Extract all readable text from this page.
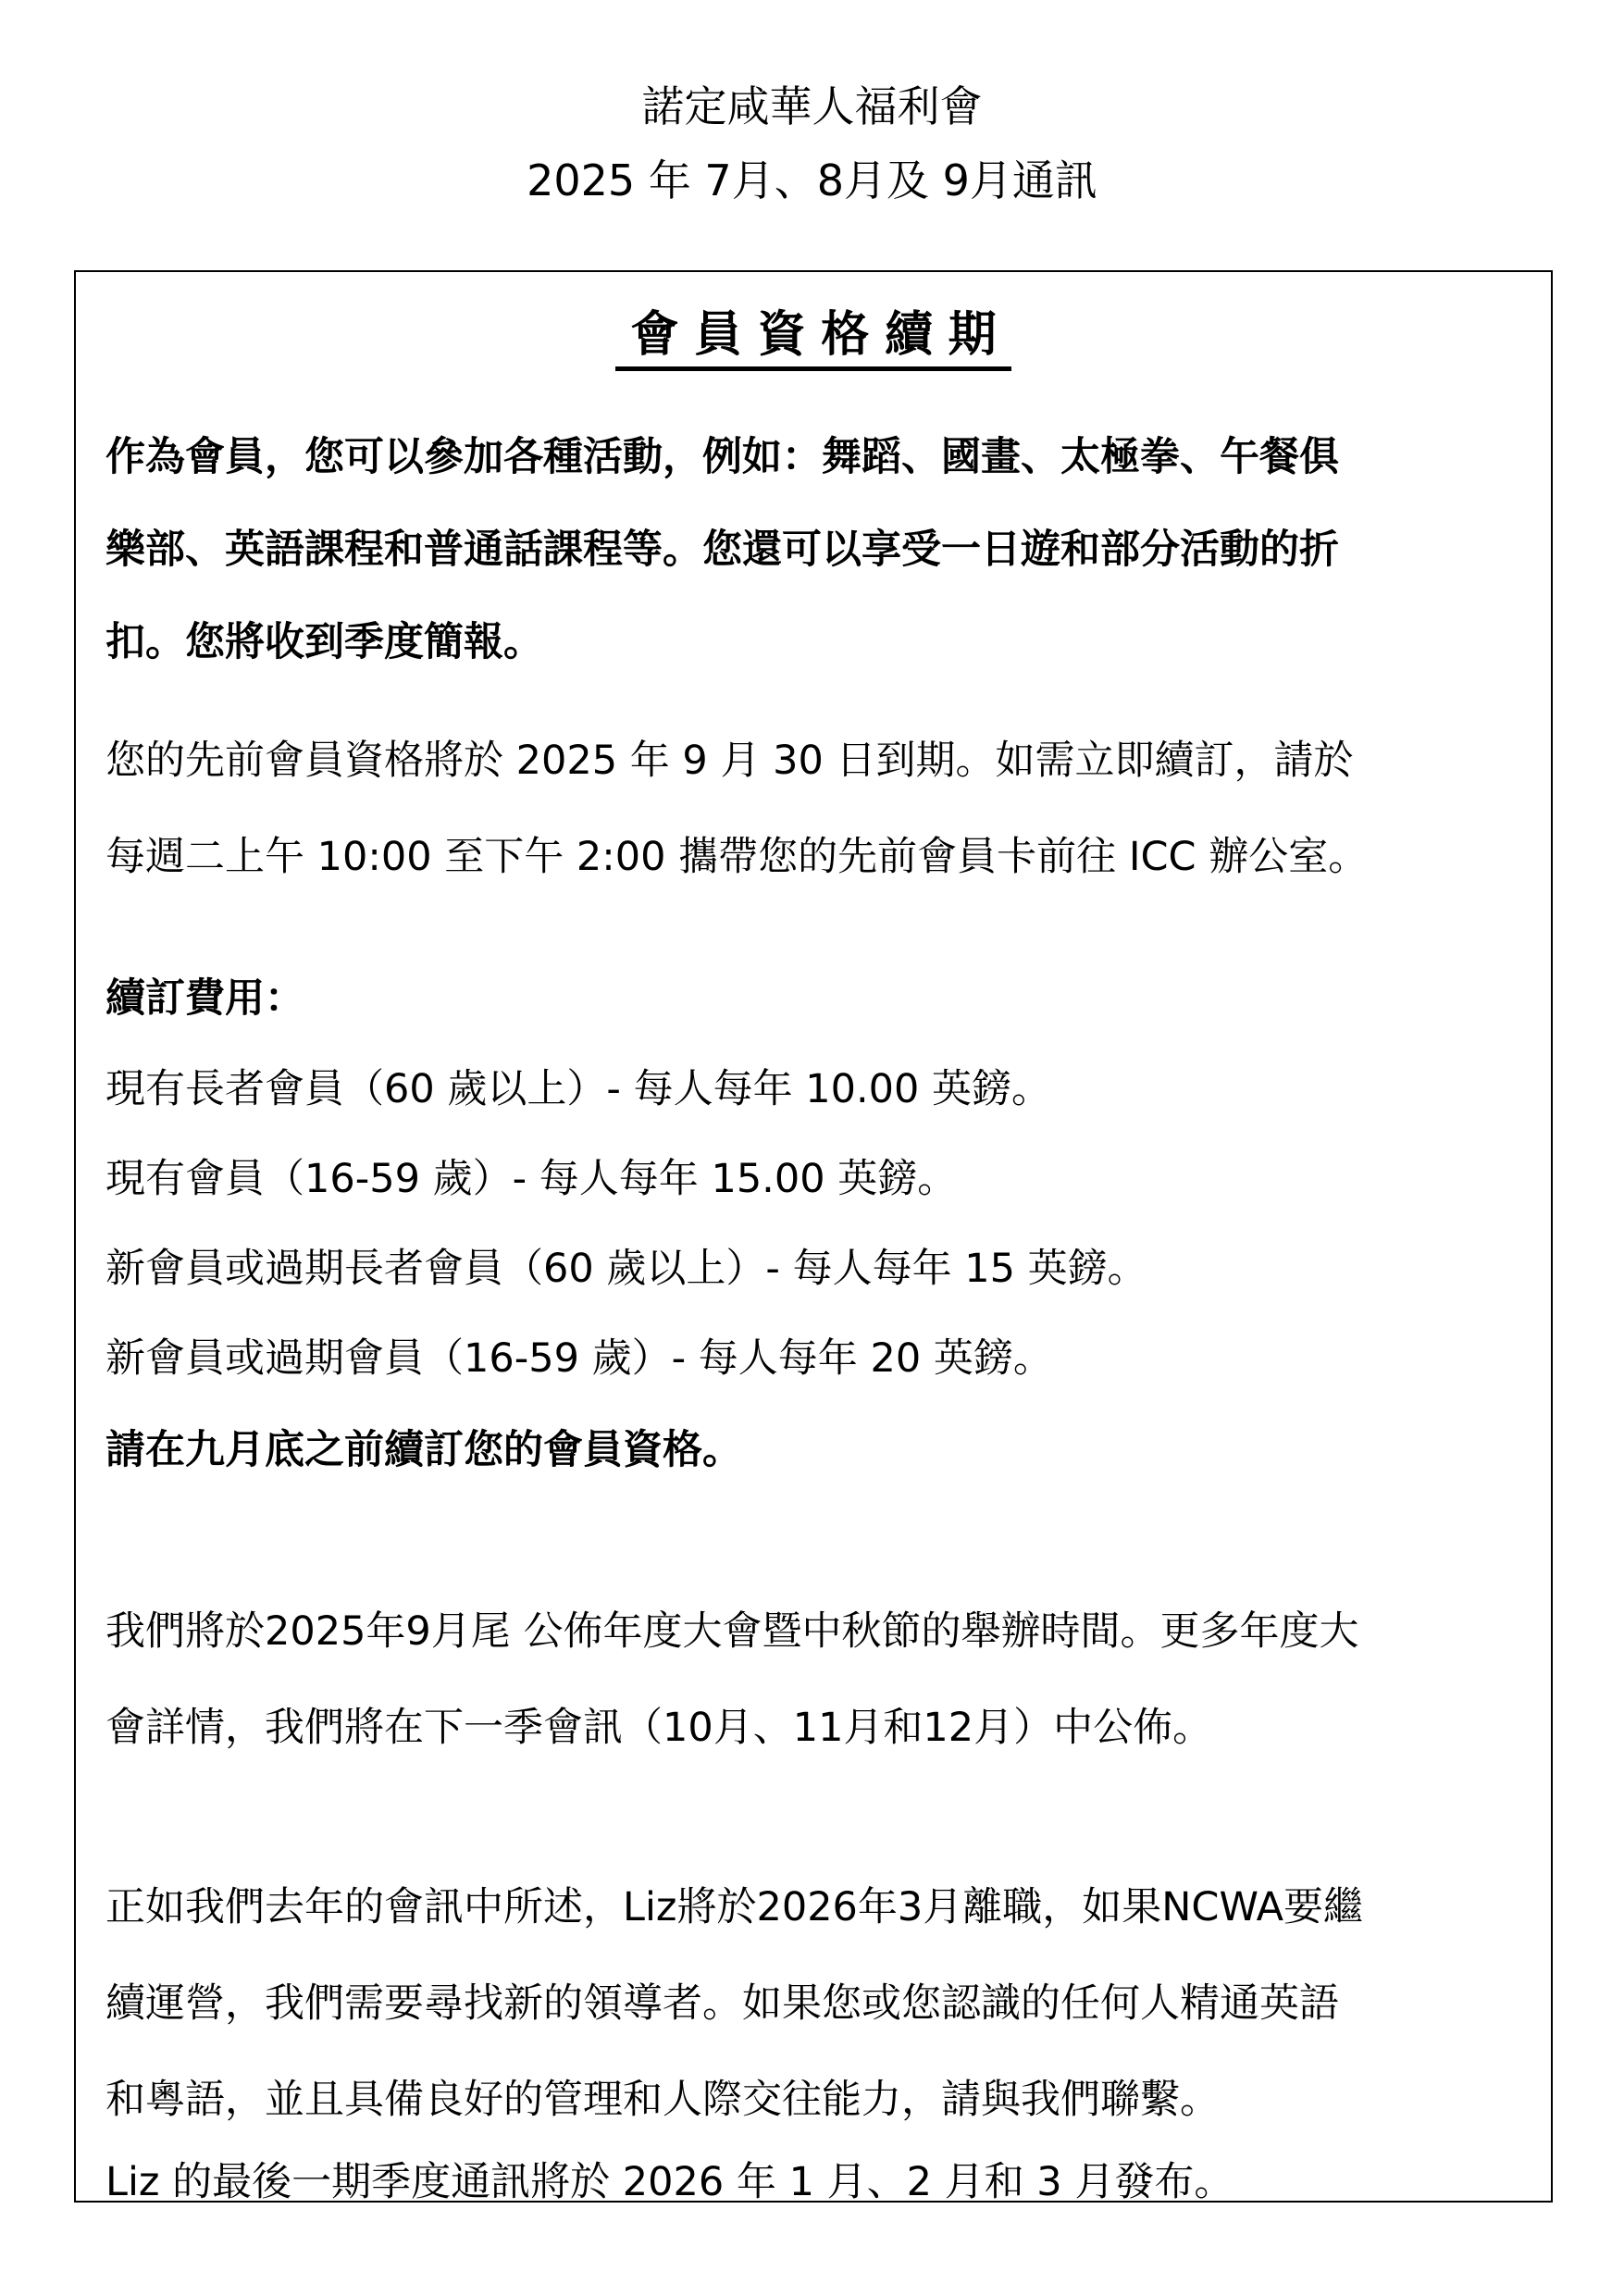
諾定咸華人福利會
2025 年 7月、8月及 9月通訊
會員資格續期
作為會員，您可以參加各種活動，例如：舞蹈、國畫、太極拳、午餐俱
樂部、英語課程和普通話課程等。您還可以享受一日遊和部分活動的折
扣。您將收到季度簡報。
您的先前會員資格將於 2025 年 9 月 30 日到期。如需立即續訂，請於
每週二上午 10:00 至下午 2:00 攜帶您的先前會員卡前往 ICC 辦公室。
續訂費用：
現有長者會員（60 歲以上）- 每人每年 10.00 英鎊。
現有會員（16-59 歲）- 每人每年 15.00 英鎊。
新會員或過期長者會員（60 歲以上）- 每人每年 15 英鎊。
新會員或過期會員（16-59 歲）- 每人每年 20 英鎊。
請在九月底之前續訂您的會員資格。
我們將於2025年9月尾 公佈年度大會暨中秋節的舉辦時間。更多年度大
會詳情，我們將在下一季會訊（10月、11月和12月）中公佈。
正如我們去年的會訊中所述，Liz將於2026年3月離職，如果NCWA要繼
續運營，我們需要尋找新的領導者。如果您或您認識的任何人精通英語
和粵語，並且具備良好的管理和人際交往能力，請與我們聯繫。
Liz 的最後一期季度通訊將於 2026 年 1 月、2 月和 3 月發布。
